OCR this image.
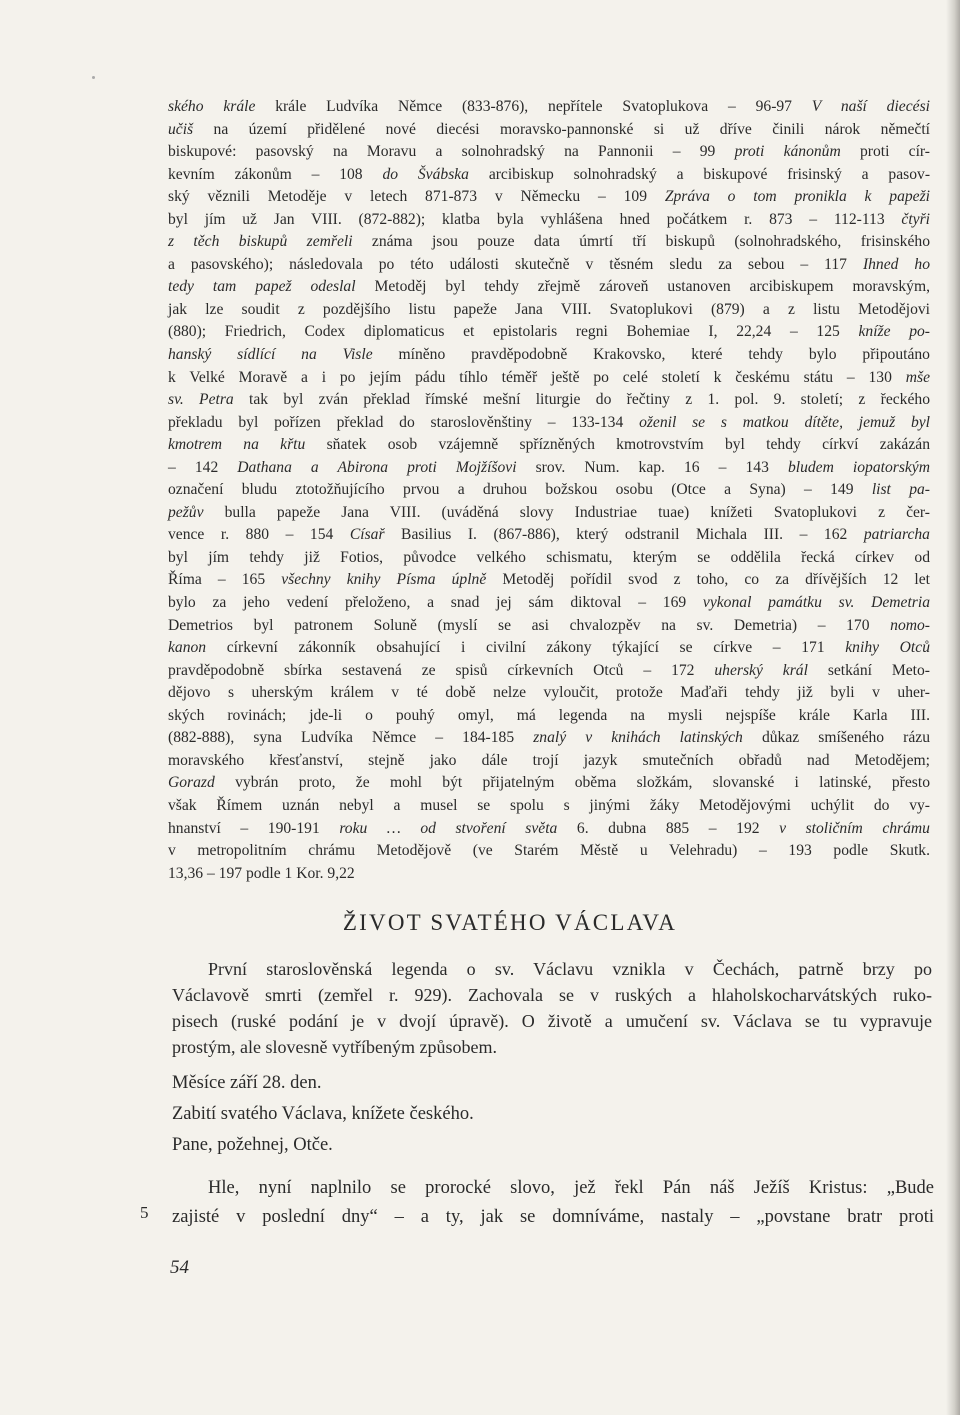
ského krále krále Ludvíka Němce (833-876), nepřítele Svatoplukova – 96-97 V naší diecési
učiš na území přidělené nové diecési moravsko-pannonské si už dříve činili nárok němečtí
biskupové: pasovský na Moravu a solnohradský na Pannonii – 99 proti kánonům proti cír-
kevním zákonům – 108 do Švábska arcibiskup solnohradský a biskupové frisinský a pasov-
ský věznili Metoděje v letech 871-873 v Německu – 109 Zpráva o tom pronikla k papeži
byl jím už Jan VIII. (872-882); klatba byla vyhlášena hned počátkem r. 873 – 112-113 čtyři
z těch biskupů zemřeli známa jsou pouze data úmrtí tří biskupů (solnohradského, frisinského
a pasovského); následovala po této události skutečně v těsném sledu za sebou – 117 Ihned ho
tedy tam papež odeslal Metoděj byl tehdy zřejmě zároveň ustanoven arcibiskupem moravským,
jak lze soudit z pozdějšího listu papeže Jana VIII. Svatoplukovi (879) a z listu Metodějovi
(880); Friedrich, Codex diplomaticus et epistolaris regni Bohemiae I, 22,24 – 125 kníže po-
hanský sídlící na Visle míněno pravděpodobně Krakovsko, které tehdy bylo připoutáno
k Velké Moravě a i po jejím pádu tíhlo téměř ještě po celé století k českému státu – 130 mše
sv. Petra tak byl zván překlad římské mešní liturgie do řečtiny z 1. pol. 9. století; z řeckého
překladu byl pořízen překlad do staroslověnštiny – 133-134 oženil se s matkou dítěte, jemuž byl
kmotrem na křtu sňatek osob vzájemně spřízněných kmotrovstvím byl tehdy církví zakázán
– 142 Dathana a Abirona proti Mojžíšovi srov. Num. kap. 16 – 143 bludem iopatorským
označení bludu ztotožňujícího prvou a druhou božskou osobu (Otce a Syna) – 149 list pa-
pežův bulla papeže Jana VIII. (uváděná slovy Industriae tuae) knížeti Svatoplukovi z čer-
vence r. 880 – 154 Císař Basilius I. (867-886), který odstranil Michala III. – 162 patriarcha
byl jím tehdy již Fotios, původce velkého schismatu, kterým se oddělila řecká církev od
Říma – 165 všechny knihy Písma úplně Metoděj pořídil svod z toho, co za dřívějších 12 let
bylo za jeho vedení přeloženo, a snad jej sám diktoval – 169 vykonal památku sv. Demetria
Demetrios byl patronem Soluně (myslí se asi chvalozpěv na sv. Demetria) – 170 nomo-
kanon církevní zákonník obsahující i civilní zákony týkající se církve – 171 knihy Otců
pravděpodobně sbírka sestavená ze spisů církevních Otců – 172 uherský král setkání Meto-
dějovo s uherským králem v té době nelze vyloučit, protože Maďaři tehdy již byli v uher-
ských rovinách; jde-li o pouhý omyl, má legenda na mysli nejspíše krále Karla III.
(882-888), syna Ludvíka Němce – 184-185 znalý v knihách latinských důkaz smíšeného rázu
moravského křesťanství, stejně jako dále trojí jazyk smutečních obřadů nad Metodějem;
Gorazd vybrán proto, že mohl být přijatelným oběma složkám, slovanské i latinské, přesto
však Římem uznán nebyl a musel se spolu s jinými žáky Metodějovými uchýlit do vy-
hnanství – 190-191 roku … od stvoření světa 6. dubna 885 – 192 v stoličním chrámu
v metropolitním chrámu Metodějově (ve Starém Městě u Velehradu) – 193 podle Skutk.
13,36 – 197 podle 1 Kor. 9,22
ŽIVOT SVATÉHO VÁCLAVA
První staroslověnská legenda o sv. Václavu vznikla v Čechách, patrně brzy po
Václavově smrti (zemřel r. 929). Zachovala se v ruských a hlaholskocharvátských ruko-
pisech (ruské podání je v dvojí úpravě). O životě a umučení sv. Václava se tu vypravuje
prostým, ale slovesně vytříbeným způsobem.
Měsíce září 28. den.
Zabití svatého Václava, knížete českého.
Pane, požehnej, Otče.
Hle, nyní naplnilo se prorocké slovo, jež řekl Pán náš Ježíš Kristus: „Bude
zajisté v poslední dny“ – a ty, jak se domníváme, nastaly – „povstane bratr proti
5
54
